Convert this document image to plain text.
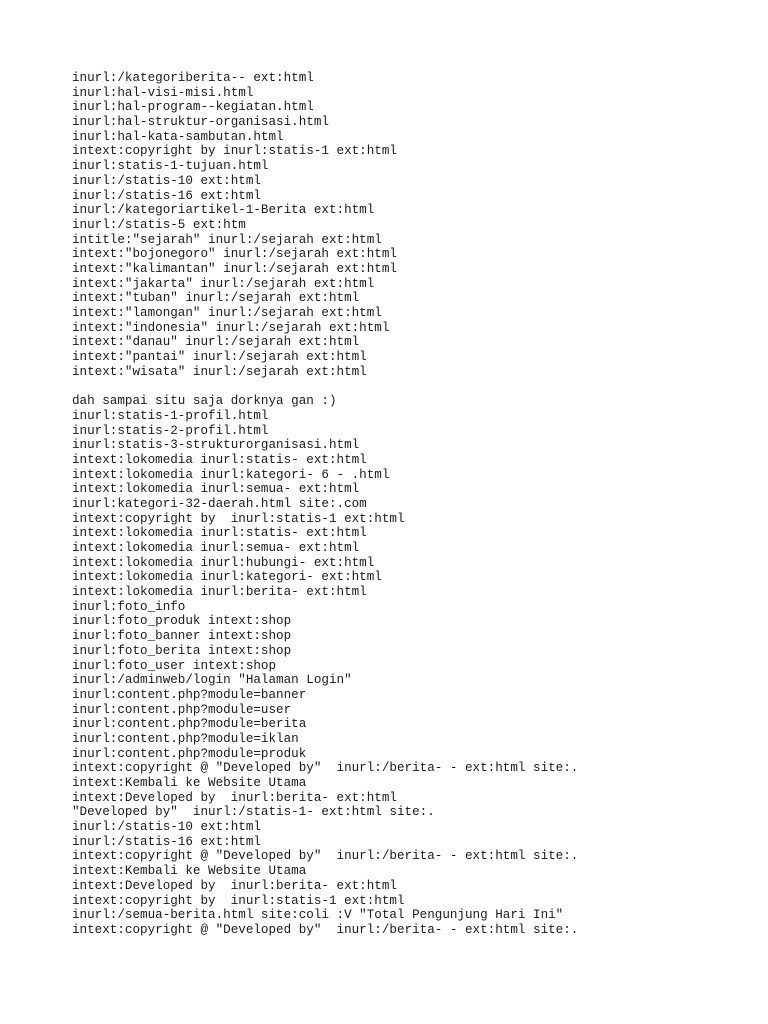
inurl:/kategoriberita-- ext:html
inurl:hal-visi-misi.html
inurl:hal-program--kegiatan.html
inurl:hal-struktur-organisasi.html
inurl:hal-kata-sambutan.html
intext:copyright by inurl:statis-1 ext:html
inurl:statis-1-tujuan.html
inurl:/statis-10 ext:html
inurl:/statis-16 ext:html
inurl:/kategoriartikel-1-Berita ext:html
inurl:/statis-5 ext:htm
intitle:"sejarah" inurl:/sejarah ext:html
intext:"bojonegoro" inurl:/sejarah ext:html
intext:"kalimantan" inurl:/sejarah ext:html
intext:"jakarta" inurl:/sejarah ext:html
intext:"tuban" inurl:/sejarah ext:html
intext:"lamongan" inurl:/sejarah ext:html
intext:"indonesia" inurl:/sejarah ext:html
intext:"danau" inurl:/sejarah ext:html
intext:"pantai" inurl:/sejarah ext:html
intext:"wisata" inurl:/sejarah ext:html
dah sampai situ saja dorknya gan :)
inurl:statis-1-profil.html
inurl:statis-2-profil.html
inurl:statis-3-strukturorganisasi.html
intext:lokomedia inurl:statis- ext:html
intext:lokomedia inurl:kategori- 6 - .html
intext:lokomedia inurl:semua- ext:html
inurl:kategori-32-daerah.html site:.com
intext:copyright by  inurl:statis-1 ext:html
intext:lokomedia inurl:statis- ext:html
intext:lokomedia inurl:semua- ext:html
intext:lokomedia inurl:hubungi- ext:html
intext:lokomedia inurl:kategori- ext:html
intext:lokomedia inurl:berita- ext:html
inurl:foto_info
inurl:foto_produk intext:shop
inurl:foto_banner intext:shop
inurl:foto_berita intext:shop
inurl:foto_user intext:shop
inurl:/adminweb/login "Halaman Login"
inurl:content.php?module=banner
inurl:content.php?module=user
inurl:content.php?module=berita
inurl:content.php?module=iklan
inurl:content.php?module=produk
intext:copyright @ "Developed by"  inurl:/berita- - ext:html site:.
intext:Kembali ke Website Utama
intext:Developed by  inurl:berita- ext:html
"Developed by"  inurl:/statis-1- ext:html site:.
inurl:/statis-10 ext:html
inurl:/statis-16 ext:html
intext:copyright @ "Developed by"  inurl:/berita- - ext:html site:.
intext:Kembali ke Website Utama
intext:Developed by  inurl:berita- ext:html
intext:copyright by  inurl:statis-1 ext:html
inurl:/semua-berita.html site:coli :V "Total Pengunjung Hari Ini"
intext:copyright @ "Developed by"  inurl:/berita- - ext:html site:.
